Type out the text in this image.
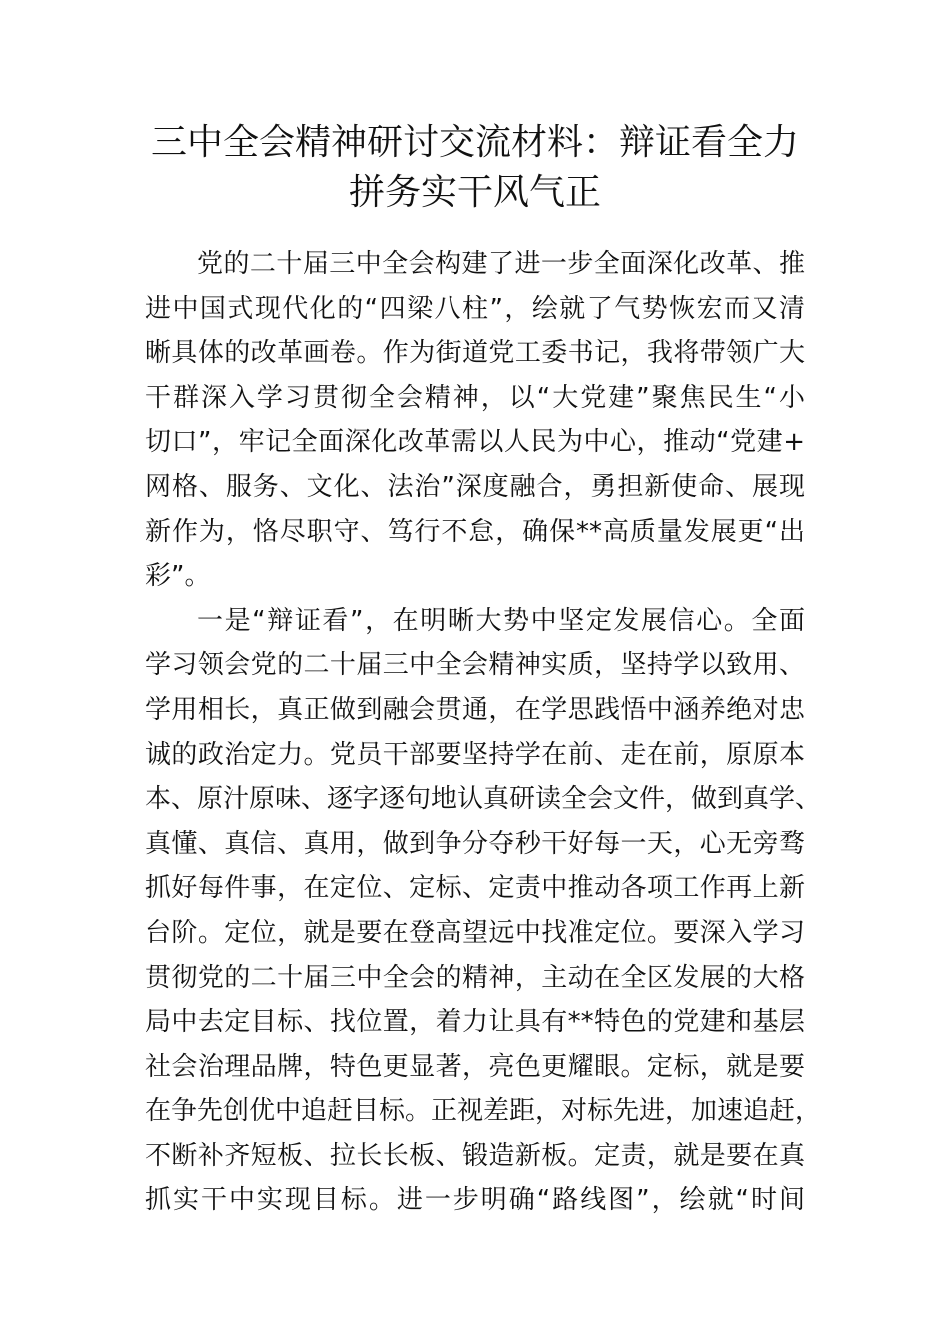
三中全会精神研讨交流材料：辩证看全力
拼务实干风气正
党的二十届三中全会构建了进一步全面深化改革、推
进中国式现代化的“四梁八柱”，绘就了气势恢宏而又清
晰具体的改革画卷。作为街道党工委书记，我将带领广大
干群深入学习贯彻全会精神，以“大党建”聚焦民生“小
切口”，牢记全面深化改革需以人民为中心，推动“党建+
网格、服务、文化、法治”深度融合，勇担新使命、展现
新作为，恪尽职守、笃行不怠，确保**高质量发展更“出
彩”。
一是“辩证看”，在明晰大势中坚定发展信心。全面
学习领会党的二十届三中全会精神实质，坚持学以致用、
学用相长，真正做到融会贯通，在学思践悟中涵养绝对忠
诚的政治定力。党员干部要坚持学在前、走在前，原原本
本、原汁原味、逐字逐句地认真研读全会文件，做到真学、
真懂、真信、真用，做到争分夺秒干好每一天，心无旁骛
抓好每件事，在定位、定标、定责中推动各项工作再上新
台阶。定位，就是要在登高望远中找准定位。要深入学习
贯彻党的二十届三中全会的精神，主动在全区发展的大格
局中去定目标、找位置，着力让具有**特色的党建和基层
社会治理品牌，特色更显著，亮色更耀眼。定标，就是要
在争先创优中追赶目标。正视差距，对标先进，加速追赶，
不断补齐短板、拉长长板、锻造新板。定责，就是要在真
抓实干中实现目标。进一步明确“路线图”，绘就“时间
